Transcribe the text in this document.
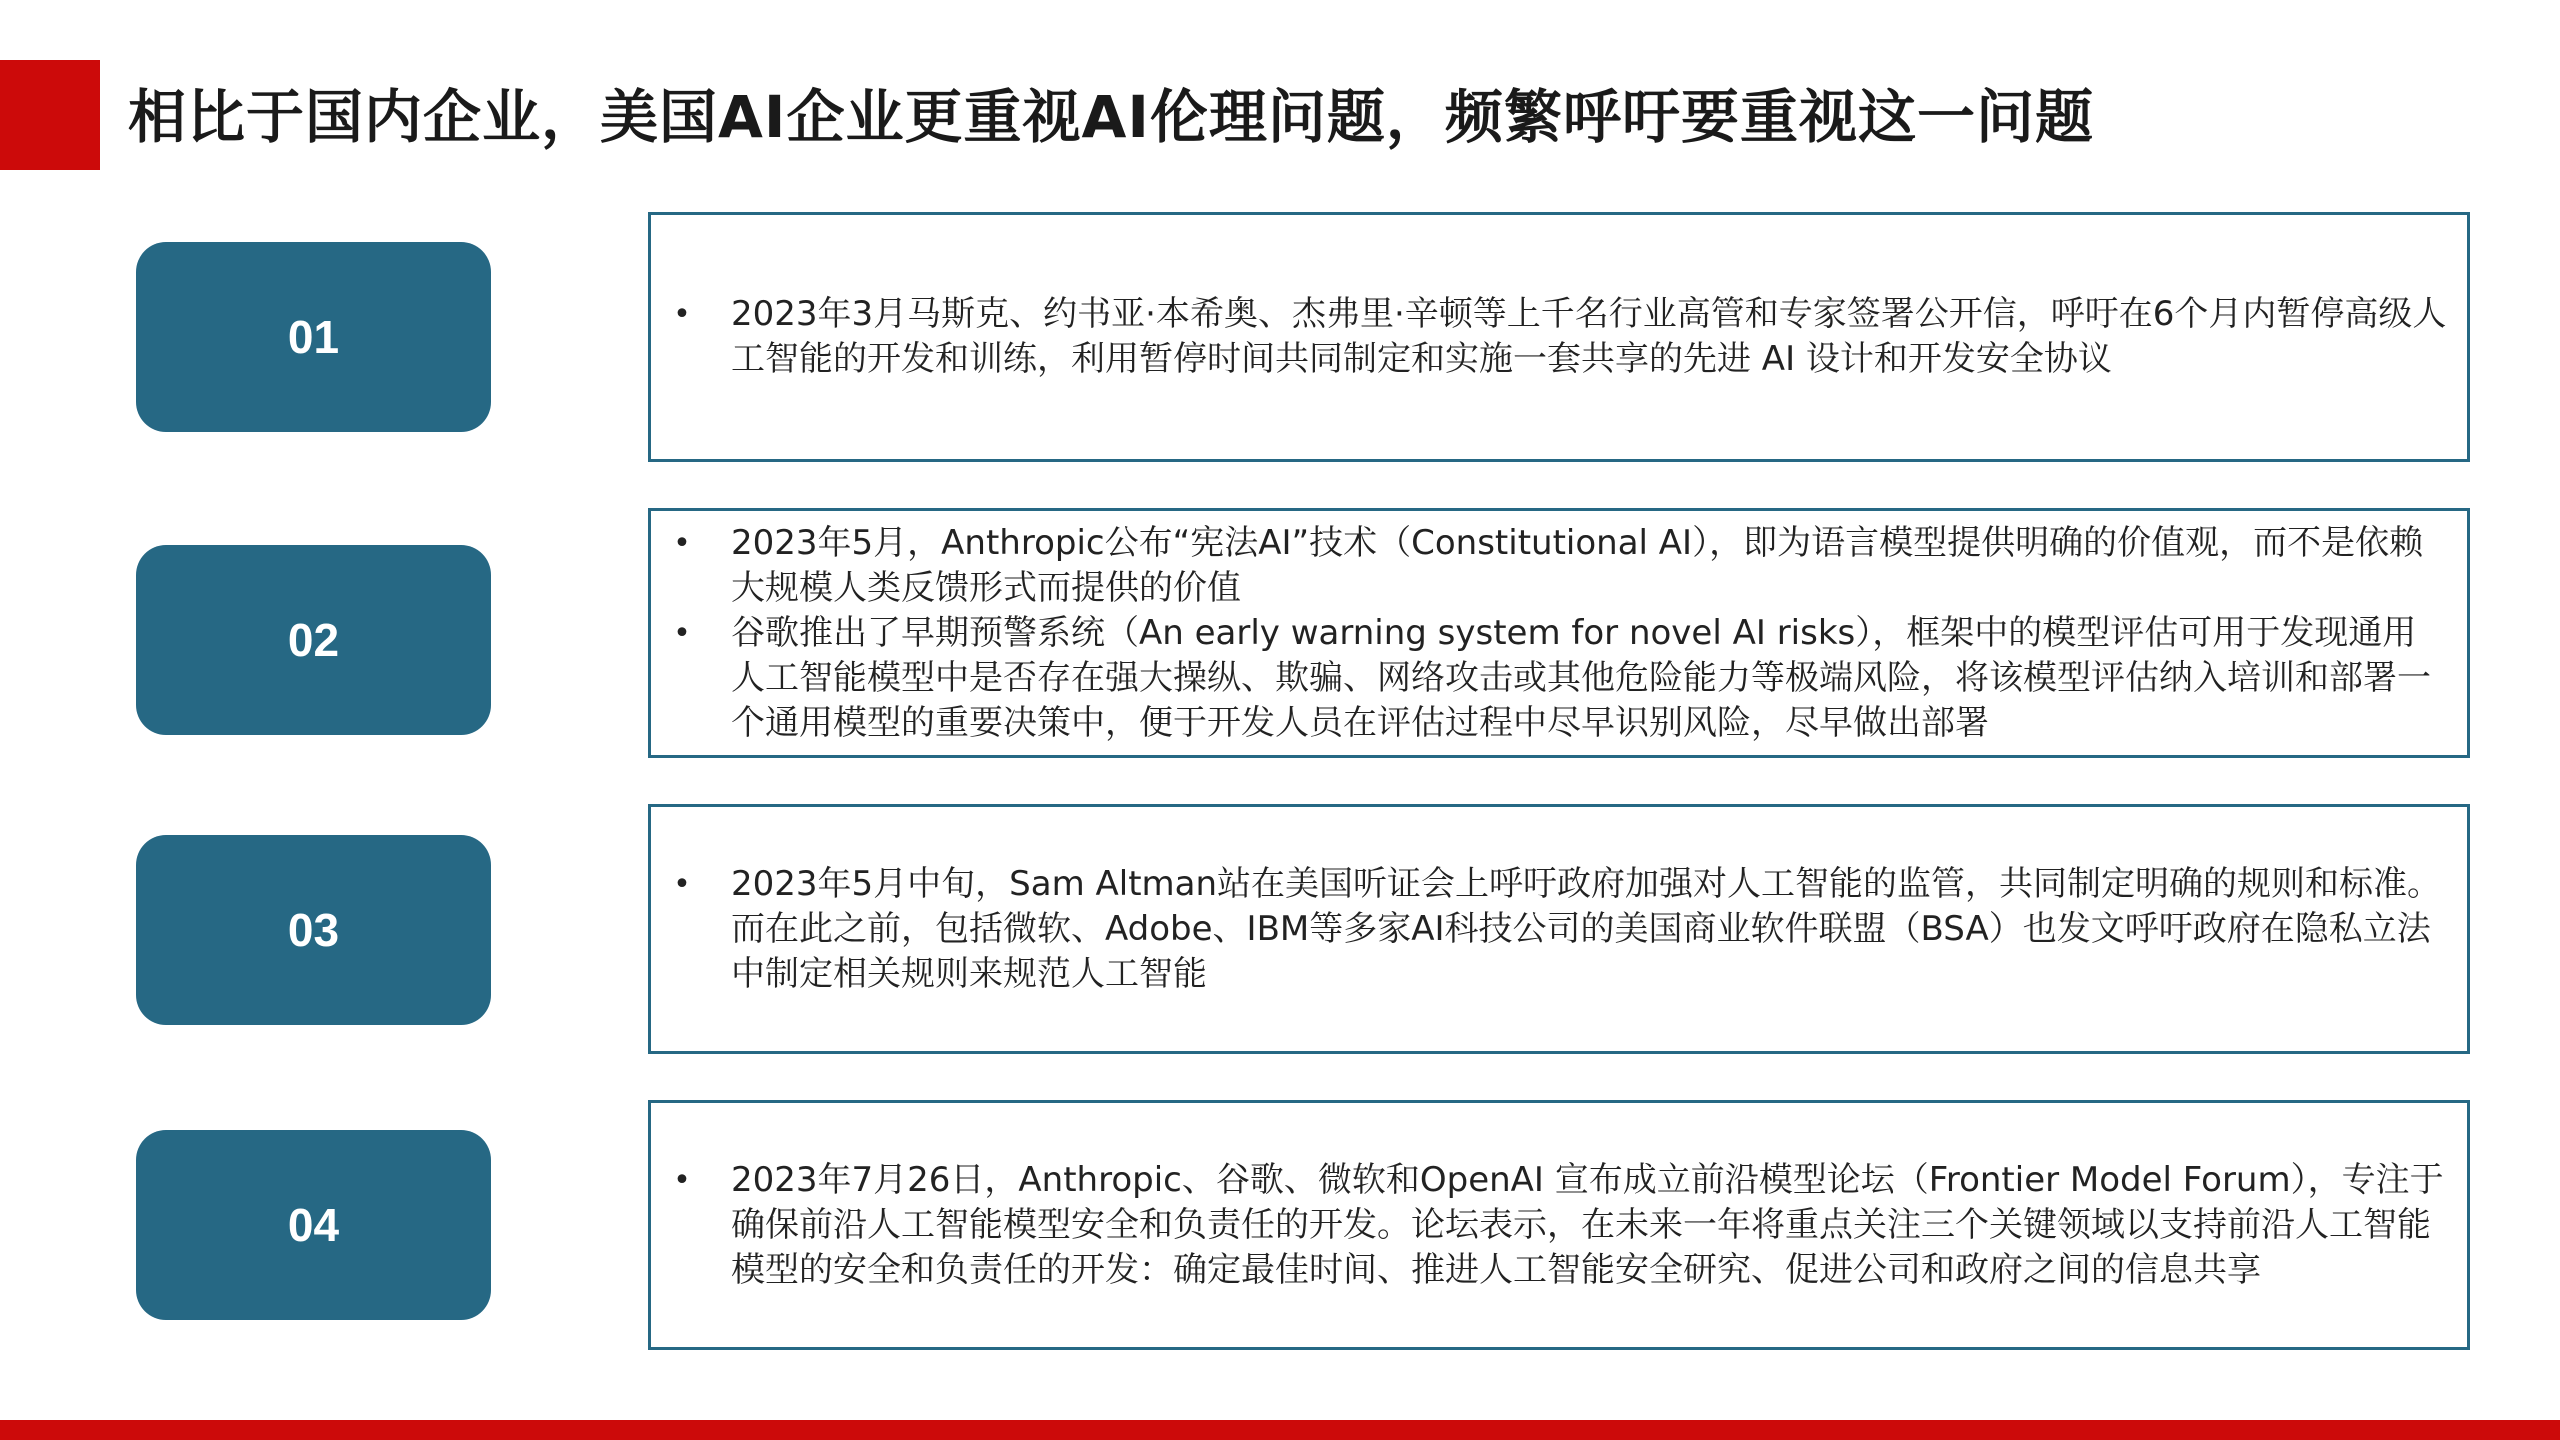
相比于国内企业，美国AI企业更重视AI伦理问题，频繁呼吁要重视这一问题
01	• 2023年3月马斯克、约书亚·本希奥、杰弗里·辛顿等上千名行业高管和专家签署公开信，呼吁在6个月内暂停高级人工智能的开发和训练，利用暂停时间共同制定和实施一套共享的先进 AI 设计和开发安全协议
02
• 2023年5月，Anthropic公布“宪法AI”技术（Constitutional AI），即为语言模型提供明确的价值观，而不是依赖大规模人类反馈形式而提供的价值
• 谷歌推出了早期预警系统（An early warning system for novel AI risks），框架中的模型评估可用于发现通用人工智能模型中是否存在强大操纵、欺骗、网络攻击或其他危险能力等极端风险，将该模型评估纳入培训和部署一个通用模型的重要决策中，便于开发人员在评估过程中尽早识别风险，尽早做出部署
03
• 2023年5月中旬，Sam Altman站在美国听证会上呼吁政府加强对人工智能的监管，共同制定明确的规则和标准。而在此之前，包括微软、Adobe、IBM等多家AI科技公司的美国商业软件联盟（BSA）也发文呼吁政府在隐私立法中制定相关规则来规范人工智能
04
• 2023年7月26日，Anthropic、谷歌、微软和OpenAI 宣布成立前沿模型论坛（Frontier Model Forum），专注于确保前沿人工智能模型安全和负责任的开发。论坛表示，在未来一年将重点关注三个关键领域以支持前沿人工智能模型的安全和负责任的开发：确定最佳时间、推进人工智能安全研究、促进公司和政府之间的信息共享
